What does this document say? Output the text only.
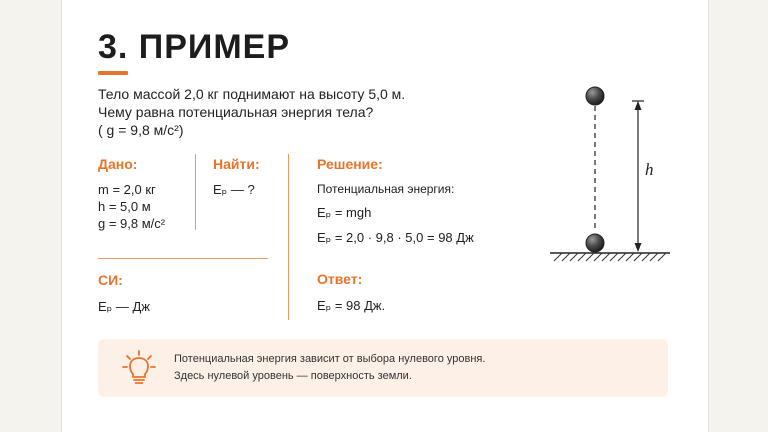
3. ПРИМЕР
Тело массой 2,0 кг поднимают на высоту 5,0 м.
Чему равна потенциальная энергия тела?
( g = 9,8 м/с²)
Дано:
m = 2,0 кг
h = 5,0 м
g = 9,8 м/с²
Найти:
Eₚ — ?
СИ:
Eₚ — Дж
Решение:
Потенциальная энергия:
Eₚ = mgh
Eₚ = 2,0 · 9,8 · 5,0 = 98 Дж
Ответ:
Eₚ = 98 Дж.
h
Потенциальная энергия зависит от выбора нулевого уровня.
Здесь нулевой уровень — поверхность земли.
